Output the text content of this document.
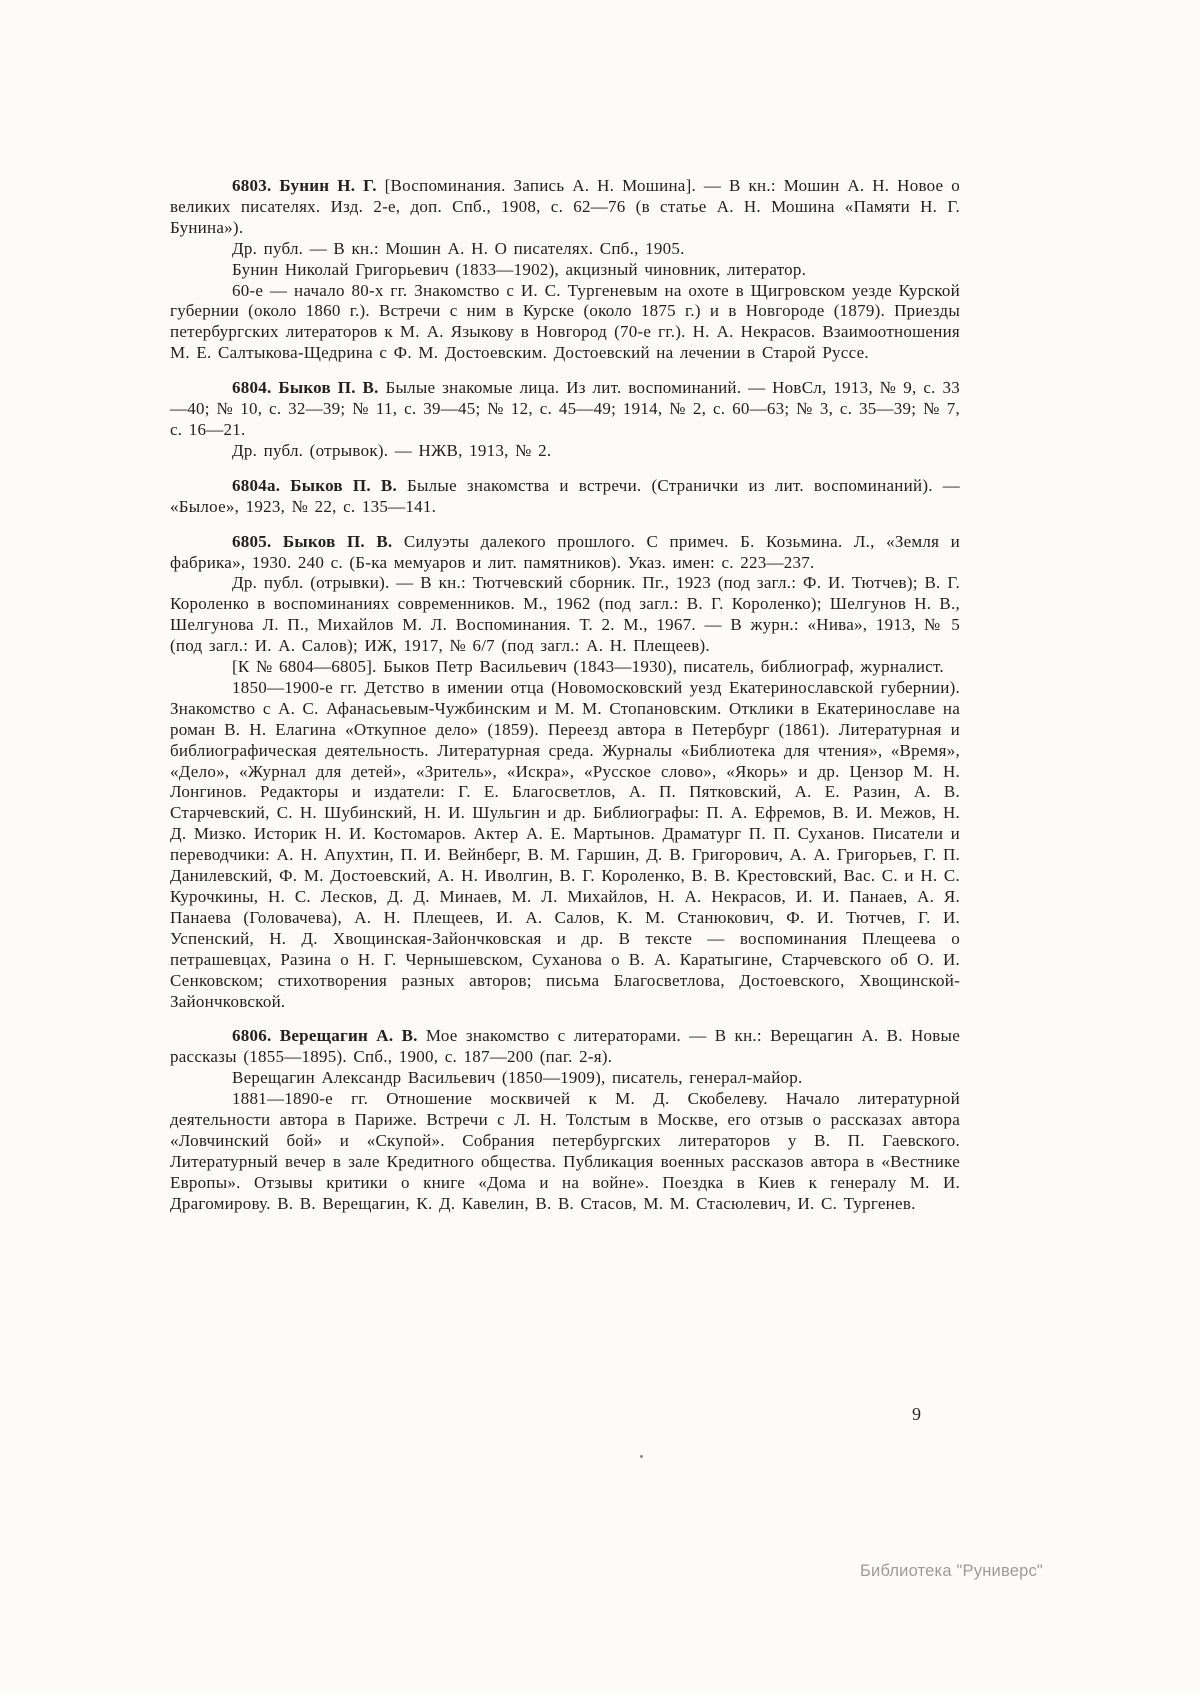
6803. Бунин Н. Г. [Воспоминания. Запись А. Н. Мошина]. — В кн.: Мошин А. Н. Новое о великих писателях. Изд. 2-е, доп. Спб., 1908, с. 62—76 (в статье А. Н. Мошина «Памяти Н. Г. Бунина»).

Др. публ. — В кн.: Мошин А. Н. О писателях. Спб., 1905.

Бунин Николай Григорьевич (1833—1902), акцизный чиновник, литератор.

60-е — начало 80-х гг. Знакомство с И. С. Тургеневым на охоте в Щигровском уезде Курской губернии (около 1860 г.). Встречи с ним в Курске (около 1875 г.) и в Новгороде (1879). Приезды петербургских литераторов к М. А. Языкову в Новгород (70-е гг.). Н. А. Некрасов. Взаимоотношения М. Е. Салтыкова-Щедрина с Ф. М. Достоевским. Достоевский на лечении в Старой Руссе.

6804. Быков П. В. Былые знакомые лица. Из лит. воспоминаний. — НовСл, 1913, № 9, с. 33—40; № 10, с. 32—39; № 11, с. 39—45; № 12, с. 45—49; 1914, № 2, с. 60—63; № 3, с. 35—39; № 7, с. 16—21.

Др. публ. (отрывок). — НЖВ, 1913, № 2.

6804а. Быков П. В. Былые знакомства и встречи. (Странички из лит. воспоминаний). — «Былое», 1923, № 22, с. 135—141.

6805. Быков П. В. Силуэты далекого прошлого. С примеч. Б. Козьмина. Л., «Земля и фабрика», 1930. 240 с. (Б-ка мемуаров и лит. памятников). Указ. имен: с. 223—237.

Др. публ. (отрывки). — В кн.: Тютчевский сборник. Пг., 1923 (под загл.: Ф. И. Тютчев); В. Г. Короленко в воспоминаниях современников. М., 1962 (под загл.: В. Г. Короленко); Шелгунов Н. В., Шелгунова Л. П., Михайлов М. Л. Воспоминания. Т. 2. М., 1967. — В журн.: «Нива», 1913, № 5 (под загл.: И. А. Салов); ИЖ, 1917, № 6/7 (под загл.: А. Н. Плещеев).

[К № 6804—6805]. Быков Петр Васильевич (1843—1930), писатель, библиограф, журналист.

1850—1900-е гг. Детство в имении отца (Новомосковский уезд Екатеринославской губернии). Знакомство с А. С. Афанасьевым-Чужбинским и М. М. Стопановским. Отклики в Екатеринославе на роман В. Н. Елагина «Откупное дело» (1859). Переезд автора в Петербург (1861). Литературная и библиографическая деятельность. Литературная среда. Журналы «Библиотека для чтения», «Время», «Дело», «Журнал для детей», «Зритель», «Искра», «Русское слово», «Якорь» и др. Цензор М. Н. Лонгинов. Редакторы и издатели: Г. Е. Благосветлов, А. П. Пятковский, А. Е. Разин, А. В. Старчевский, С. Н. Шубинский, Н. И. Шульгин и др. Библиографы: П. А. Ефремов, В. И. Межов, Н. Д. Мизко. Историк Н. И. Костомаров. Актер А. Е. Мартынов. Драматург П. П. Суханов. Писатели и переводчики: А. Н. Апухтин, П. И. Вейнберг, В. М. Гаршин, Д. В. Григорович, А. А. Григорьев, Г. П. Данилевский, Ф. М. Достоевский, А. Н. Иволгин, В. Г. Короленко, В. В. Крестовский, Вас. С. и Н. С. Курочкины, Н. С. Лесков, Д. Д. Минаев, М. Л. Михайлов, Н. А. Некрасов, И. И. Панаев, А. Я. Панаева (Головачева), А. Н. Плещеев, И. А. Салов, К. М. Станюкович, Ф. И. Тютчев, Г. И. Успенский, Н. Д. Хвощинская-Зайончковская и др. В тексте — воспоминания Плещеева о петрашевцах, Разина о Н. Г. Чернышевском, Суханова о В. А. Каратыгине, Старчевского об О. И. Сенковском; стихотворения разных авторов; письма Благосветлова, Достоевского, Хвощинской-Зайончковской.

6806. Верещагин А. В. Мое знакомство с литераторами. — В кн.: Верещагин А. В. Новые рассказы (1855—1895). Спб., 1900, с. 187—200 (паг. 2-я).

Верещагин Александр Васильевич (1850—1909), писатель, генерал-майор.

1881—1890-е гг. Отношение москвичей к М. Д. Скобелеву. Начало литературной деятельности автора в Париже. Встречи с Л. Н. Толстым в Москве, его отзыв о рассказах автора «Ловчинский бой» и «Скупой». Собрания петербургских литераторов у В. П. Гаевского. Литературный вечер в зале Кредитного общества. Публикация военных рассказов автора в «Вестнике Европы». Отзывы критики о книге «Дома и на войне». Поездка в Киев к генералу М. И. Драгомирову. В. В. Верещагин, К. Д. Кавелин, В. В. Стасов, М. М. Стасюлевич, И. С. Тургенев.

9
Библиотека "Руниверс"
